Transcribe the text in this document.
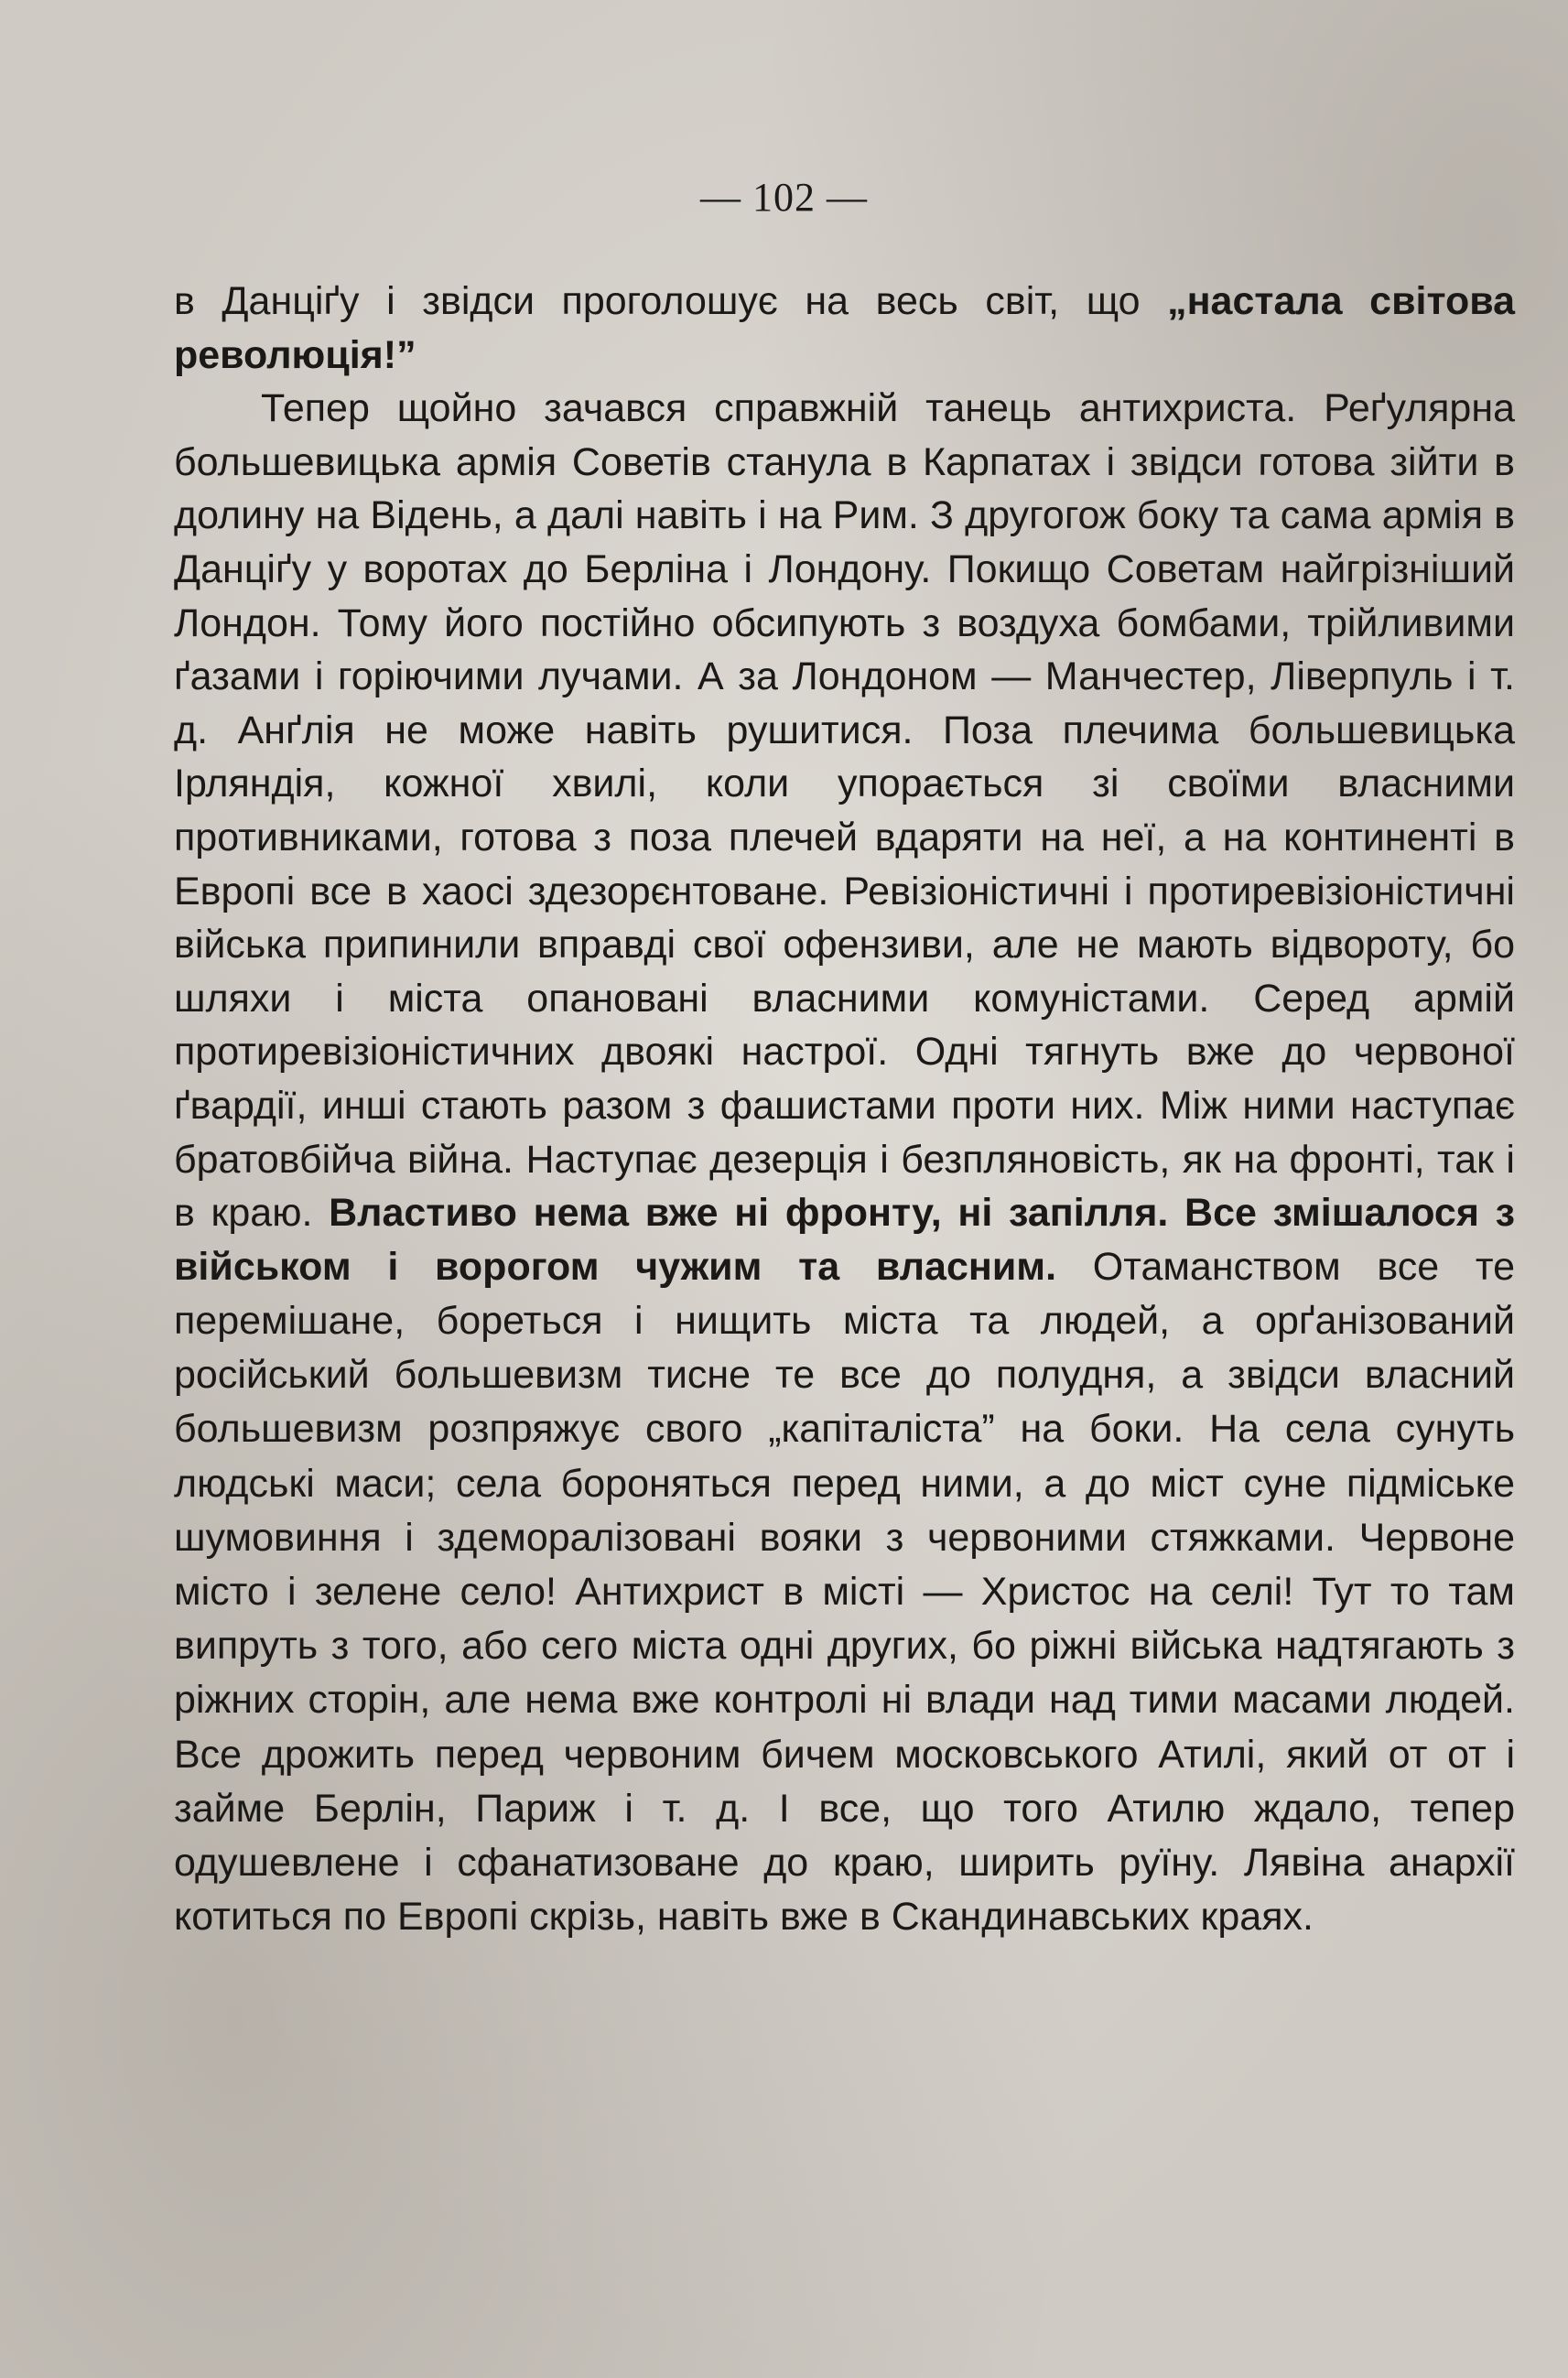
— 102 —

в Данціґу і звідси проголошує на весь світ, що „настала світова революція!”

Тепер щойно зачався справжній танець антихриста. Реґулярна большевицька армія Советів станула в Карпатах і звідси готова зійти в долину на Відень, а далі навіть і на Рим. З другогож боку та сама армія в Данціґу у воротах до Берліна і Лондону. Покищо Советам найгрізніший Лондон. Тому його постійно обсипують з воздуха бомбами, трійливими ґазами і горіючими лучами. А за Лондоном — Манчестер, Ліверпуль і т. д. Анґлія не може навіть рушитися. Поза плечима большевицька Ірляндія, кожної хвилі, коли упорається зі своїми власними противниками, готова з поза плечей вдаряти на неї, а на континенті в Европі все в хаосі здезорєнтоване. Ревізіоністичні і протиревізіоністичні війська припинили вправді свої офензиви, але не мають відвороту, бо шляхи і міста опановані власними комуністами. Серед армій протиревізіоністичних двоякі настрої. Одні тягнуть вже до червоної ґвардії, инші стають разом з фашистами проти них. Між ними наступає братовбійча війна. Наступає дезерція і безпляновість, як на фронті, так і в краю. Властиво нема вже ні фронту, ні запілля. Все змішалося з військом і ворогом чужим та власним. Отаманством все те перемішане, бореться і нищить міста та людей, а орґанізований російський большевизм тисне те все до полудня, а звідси власний большевизм розпряжує свого „капіталіста” на боки. На села сунуть людські маси; села бороняться перед ними, а до міст суне підміське шумовиння і здеморалізовані вояки з червоними стяжками. Червоне місто і зелене село! Антихрист в місті — Христос на селі! Тут то там випруть з того, або сего міста одні других, бо ріжні війська надтягають з ріжних сторін, але нема вже контролі ні влади над тими масами людей. Все дрожить перед червоним бичем московського Атилі, який от от і займе Берлін, Париж і т. д. І все, що того Атилю ждало, тепер одушевлене і сфанатизоване до краю, ширить руїну. Лявіна анархії котиться по Европі скрізь, навіть вже в Скандинавських краях.
